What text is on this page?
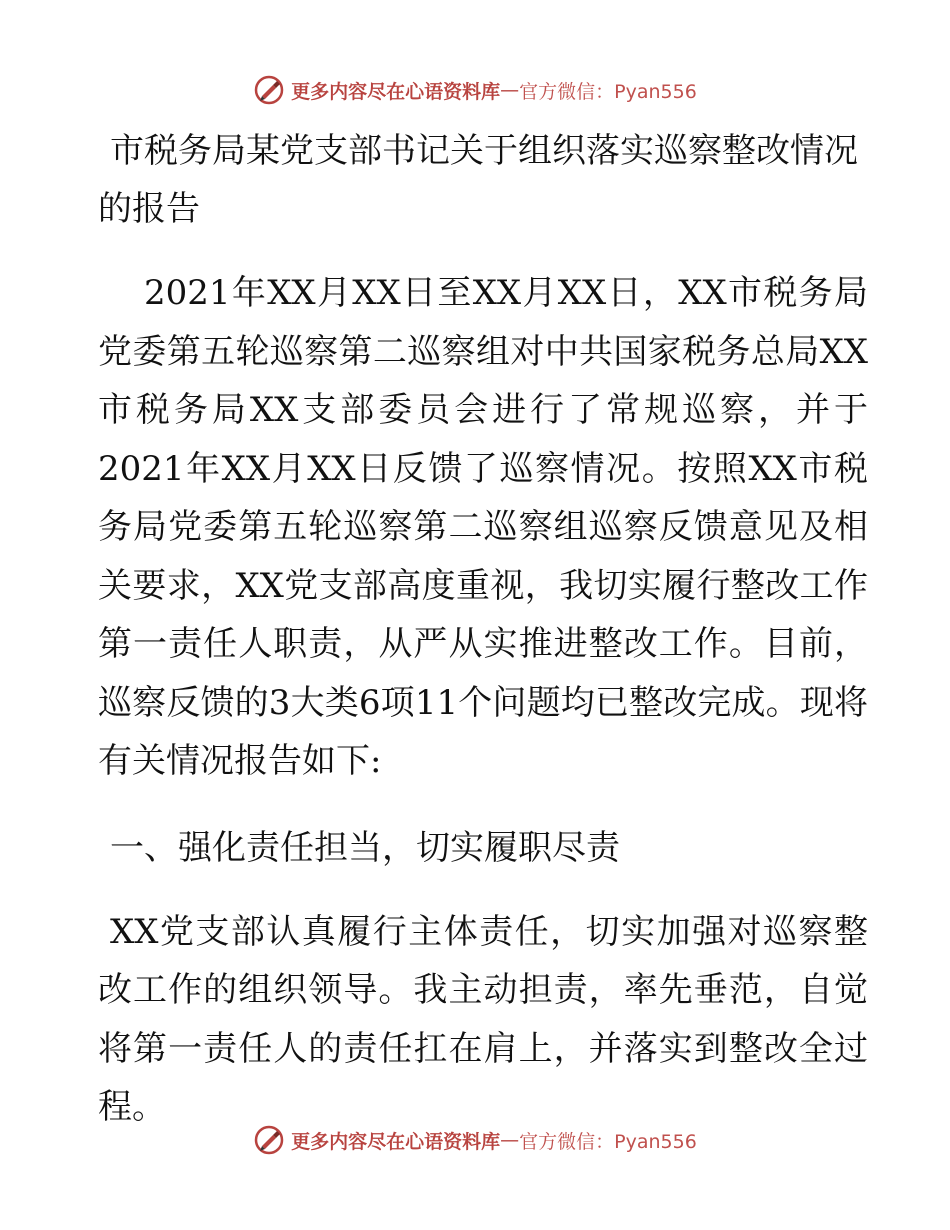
更多内容尽在心语资料库 — 官方微信：Pyan556
市税务局某党支部书记关于组织落实巡察整改情况的报告

2021年XX月XX日至XX月XX日，XX市税务局党委第五轮巡察第二巡察组对中共国家税务总局XX市税务局XX支部委员会进行了常规巡察，并于2021年XX月XX日反馈了巡察情况。按照XX市税务局党委第五轮巡察第二巡察组巡察反馈意见及相关要求，XX党支部高度重视，我切实履行整改工作第一责任人职责，从严从实推进整改工作。目前，巡察反馈的3大类6项11个问题均已整改完成。现将有关情况报告如下:

一、强化责任担当，切实履职尽责

XX党支部认真履行主体责任，切实加强对巡察整改工作的组织领导。我主动担责，率先垂范，自觉将第一责任人的责任扛在肩上，并落实到整改全过程。

更多内容尽在心语资料库 — 官方微信：Pyan556
